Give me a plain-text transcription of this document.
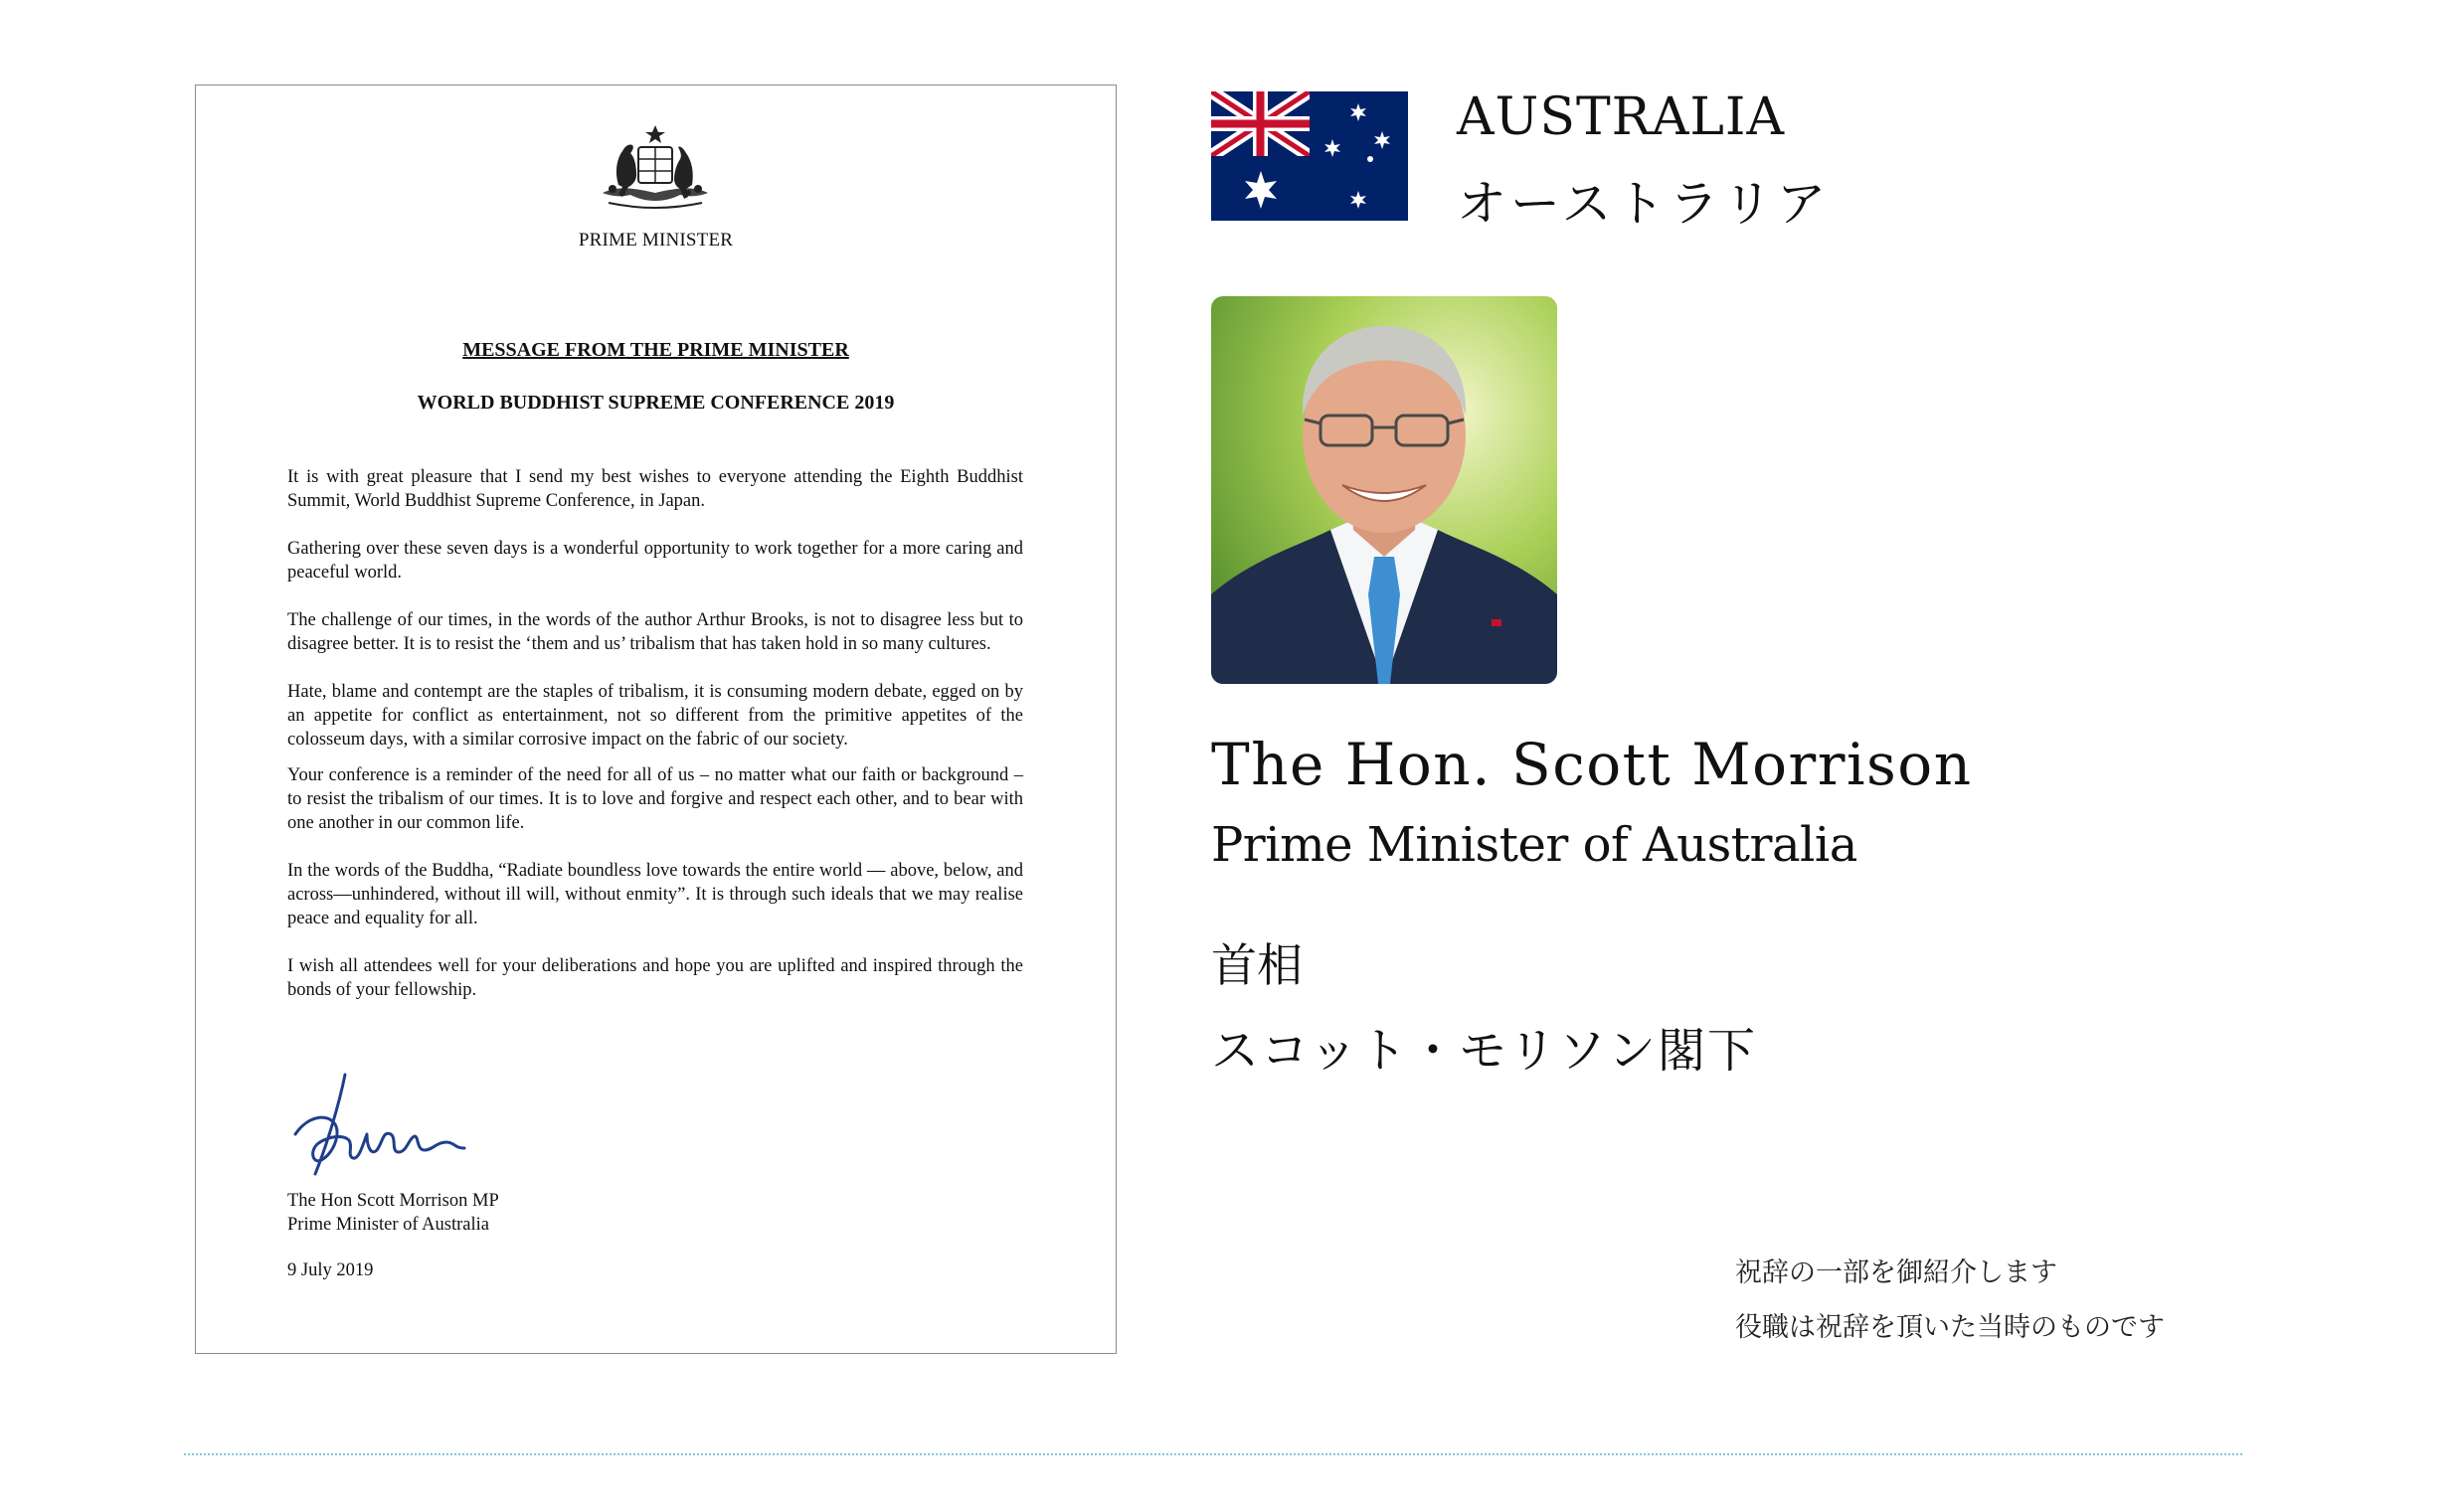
PRIME MINISTER
MESSAGE FROM THE PRIME MINISTER
WORLD BUDDHIST SUPREME CONFERENCE 2019

It is with great pleasure that I send my best wishes to everyone attending the Eighth Buddhist Summit, World Buddhist Supreme Conference, in Japan.

Gathering over these seven days is a wonderful opportunity to work together for a more caring and peaceful world.

The challenge of our times, in the words of the author Arthur Brooks, is not to disagree less but to disagree better. It is to resist the ‘them and us’ tribalism that has taken hold in so many cultures.

Hate, blame and contempt are the staples of tribalism, it is consuming modern debate, egged on by an appetite for conflict as entertainment, not so different from the primitive appetites of the colosseum days, with a similar corrosive impact on the fabric of our society.

Your conference is a reminder of the need for all of us – no matter what our faith or background – to resist the tribalism of our times. It is to love and forgive and respect each other, and to bear with one another in our common life.

In the words of the Buddha, “Radiate boundless love towards the entire world — above, below, and across—unhindered, without ill will, without enmity”. It is through such ideals that we may realise peace and equality for all.

I wish all attendees well for your deliberations and hope you are uplifted and inspired through the bonds of your fellowship.

The Hon Scott Morrison MP
Prime Minister of Australia
9 July 2019
AUSTRALIA
オーストラリア
The Hon. Scott Morrison
Prime Minister of Australia
首相
スコット・モリソン閣下
祝辞の一部を御紹介します
役職は祝辞を頂いた当時のものです
